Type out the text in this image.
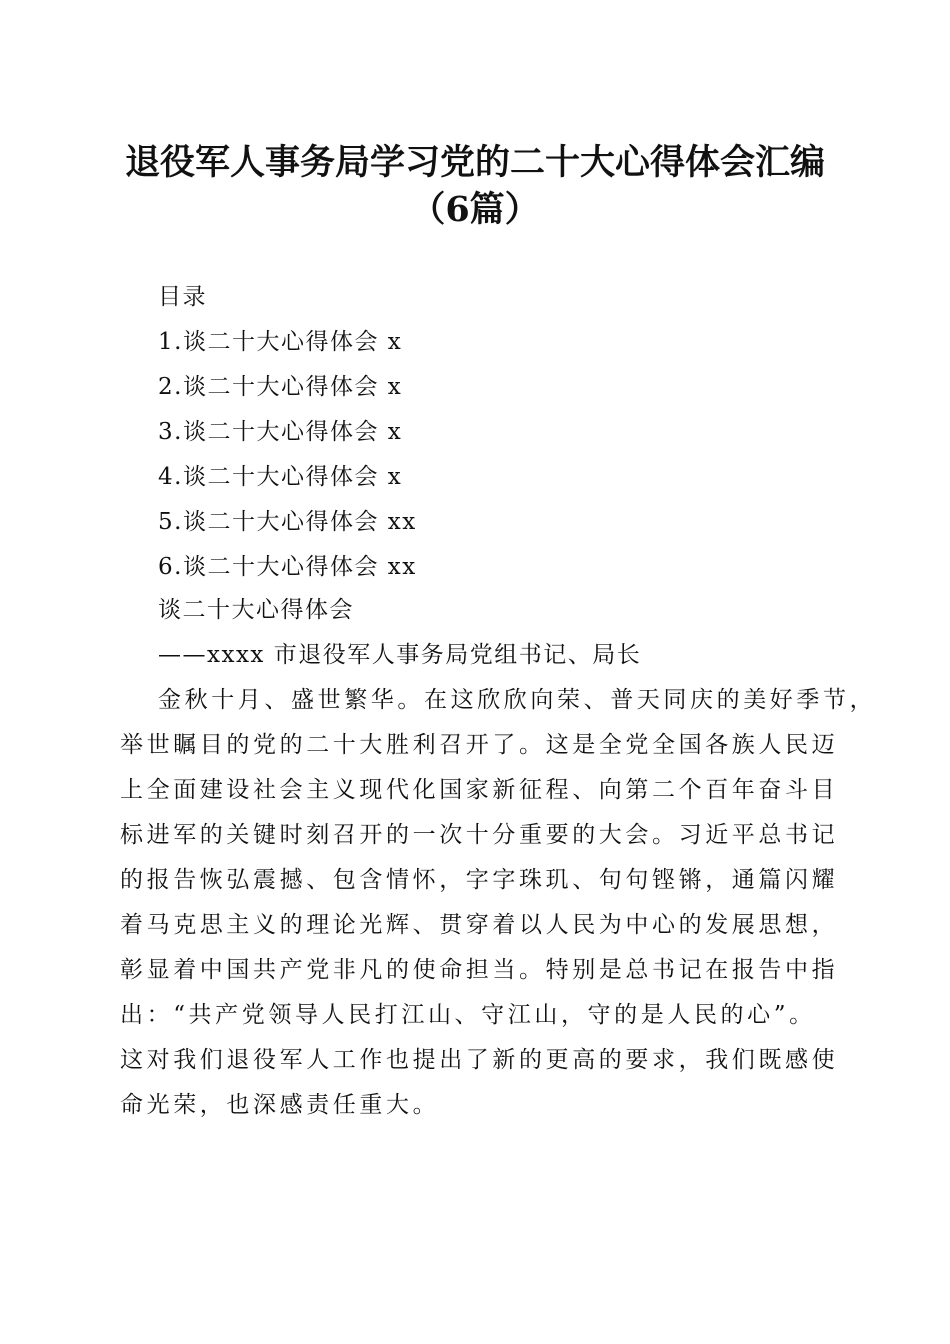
退役军人事务局学习党的二十大心得体会汇编
（6篇）
目录
1.谈二十大心得体会 x
2.谈二十大心得体会 x
3.谈二十大心得体会 x
4.谈二十大心得体会 x
5.谈二十大心得体会 xx
6.谈二十大心得体会 xx
谈二十大心得体会
——xxxx 市退役军人事务局党组书记、局长
金秋十月、盛世繁华。在这欣欣向荣、普天同庆的美好季节，
举世瞩目的党的二十大胜利召开了。这是全党全国各族人民迈
上全面建设社会主义现代化国家新征程、向第二个百年奋斗目
标进军的关键时刻召开的一次十分重要的大会。习近平总书记
的报告恢弘震撼、包含情怀，字字珠玑、句句铿锵，通篇闪耀
着马克思主义的理论光辉、贯穿着以人民为中心的发展思想，
彰显着中国共产党非凡的使命担当。特别是总书记在报告中指
出：“共产党领导人民打江山、守江山，守的是人民的心”。
这对我们退役军人工作也提出了新的更高的要求，我们既感使
命光荣，也深感责任重大。
